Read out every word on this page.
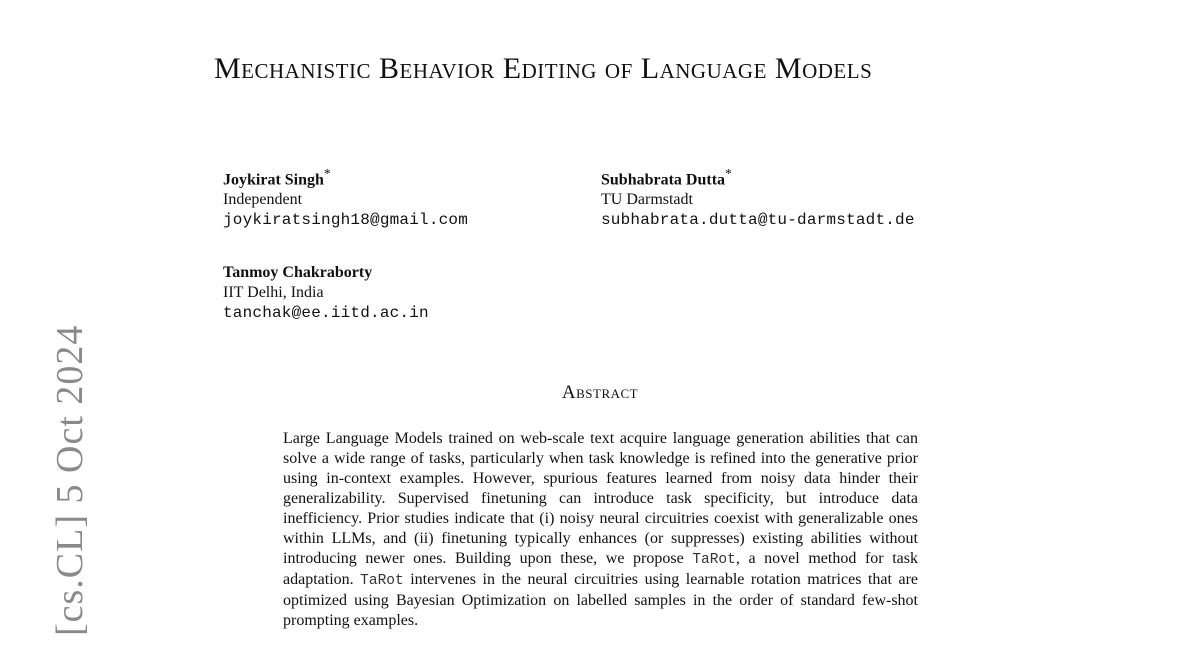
Mechanistic Behavior Editing of Language Models
Joykirat Singh*
Independent
joykiratsingh18@gmail.com
Subhabrata Dutta*
TU Darmstadt
subhabrata.dutta@tu-darmstadt.de
Tanmoy Chakraborty
IIT Delhi, India
tanchak@ee.iitd.ac.in
Abstract

Large Language Models trained on web-scale text acquire language generation abilities that can solve a wide range of tasks, particularly when task knowledge is refined into the generative prior using in-context examples. However, spurious features learned from noisy data hinder their generalizability. Supervised finetuning can introduce task specificity, but introduce data inefficiency. Prior studies indicate that (i) noisy neural circuitries coexist with generalizable ones within LLMs, and (ii) finetuning typically enhances (or suppresses) existing abilities without introducing newer ones. Building upon these, we propose TaRot, a novel method for task adaptation. TaRot intervenes in the neural circuitries using learnable rotation matrices that are optimized using Bayesian Optimization on labelled samples in the order of standard few-shot prompting examples.

[cs.CL] 5 Oct 2024
